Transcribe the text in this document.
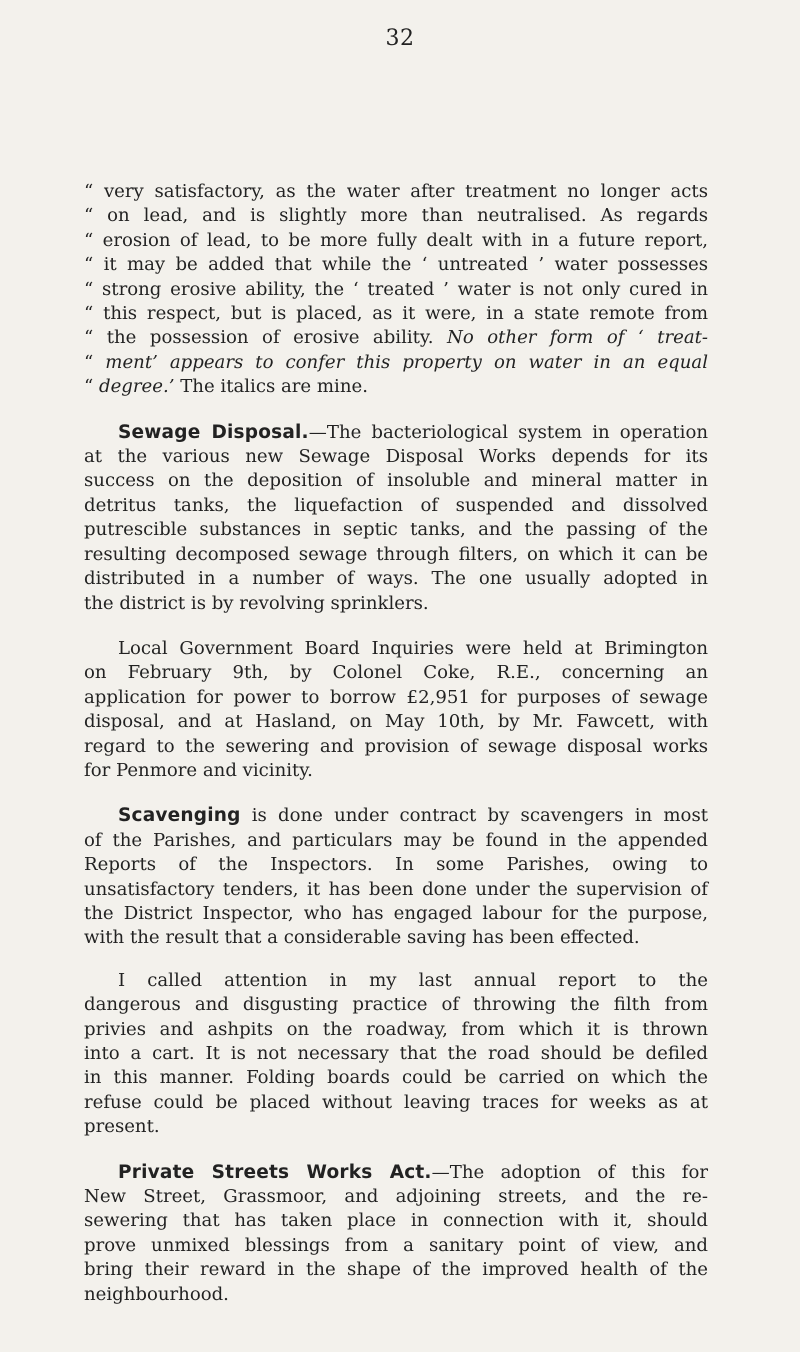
32
“ very satisfactory, as the water after treatment no longer acts
“ on lead, and is slightly more than neutralised. As regards
“ erosion of lead, to be more fully dealt with in a future report,
“ it may be added that while the ‘ untreated ’ water possesses
“ strong erosive ability, the ‘ treated ’ water is not only cured in
“ this respect, but is placed, as it were, in a state remote from
“ the possession of erosive ability. No other form of ‘ treat-
“ ment’ appears to confer this property on water in an equal
“ degree.’ The italics are mine.
Sewage Disposal.—The bacteriological system in operation
at the various new Sewage Disposal Works depends for its
success on the deposition of insoluble and mineral matter in
detritus tanks, the liquefaction of suspended and dissolved
putrescible substances in septic tanks, and the passing of the
resulting decomposed sewage through filters, on which it can be
distributed in a number of ways. The one usually adopted in
the district is by revolving sprinklers.
Local Government Board Inquiries were held at Brimington
on February 9th, by Colonel Coke, R.E., concerning an
application for power to borrow £2,951 for purposes of sewage
disposal, and at Hasland, on May 10th, by Mr. Fawcett, with
regard to the sewering and provision of sewage disposal works
for Penmore and vicinity.
Scavenging is done under contract by scavengers in most
of the Parishes, and particulars may be found in the appended
Reports of the Inspectors. In some Parishes, owing to
unsatisfactory tenders, it has been done under the supervision of
the District Inspector, who has engaged labour for the purpose,
with the result that a considerable saving has been effected.
I called attention in my last annual report to the
dangerous and disgusting practice of throwing the filth from
privies and ashpits on the roadway, from which it is thrown
into a cart. It is not necessary that the road should be defiled
in this manner. Folding boards could be carried on which the
refuse could be placed without leaving traces for weeks as at
present.
Private Streets Works Act.—The adoption of this for
New Street, Grassmoor, and adjoining streets, and the re-
sewering that has taken place in connection with it, should
prove unmixed blessings from a sanitary point of view, and
bring their reward in the shape of the improved health of the
neighbourhood.
